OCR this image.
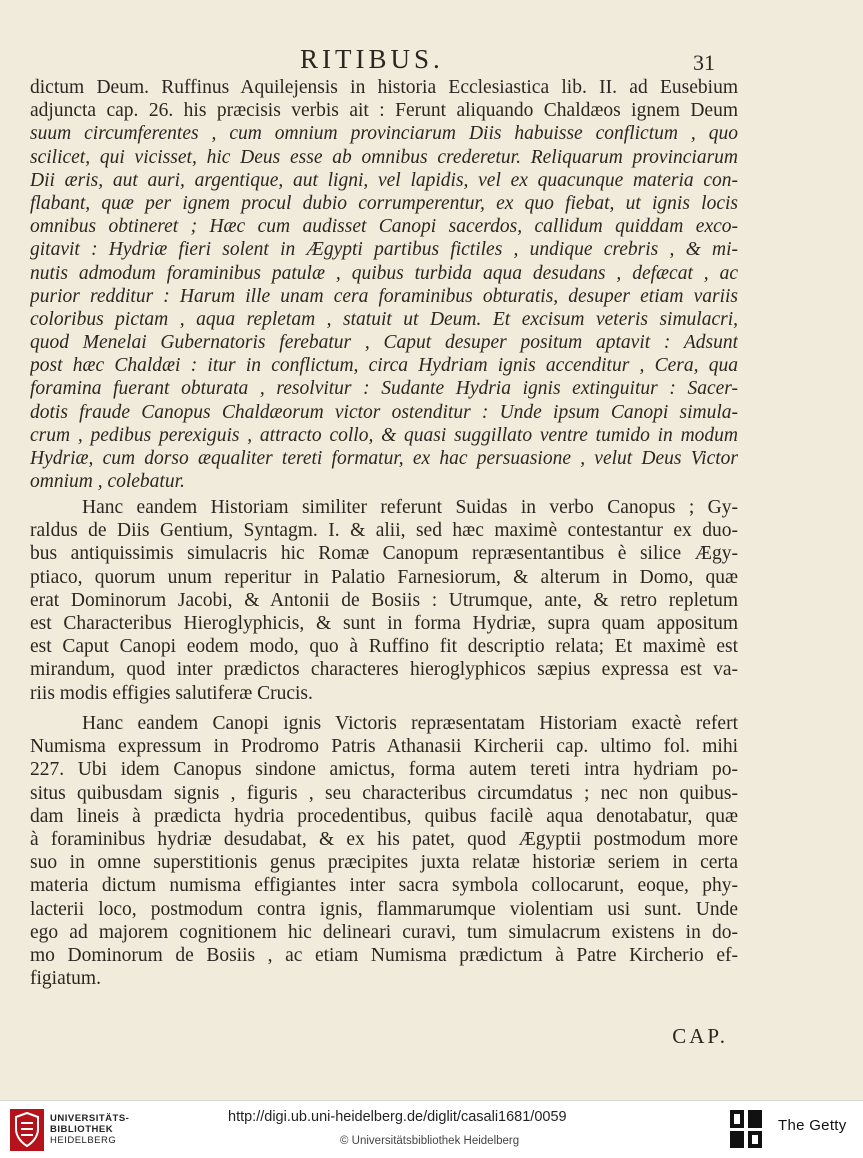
RITIBUS.	31
dictum Deum. Ruffinus Aquilejensis in historia Ecclesiastica lib. II. ad Eusebium
adjuncta cap. 26. his præcisis verbis ait : Ferunt aliquando Chaldæos ignem Deum
suum circumferentes , cum omnium provinciarum Diis habuisse conflictum , quo
scilicet, qui vicisset, hic Deus esse ab omnibus crederetur. Reliquarum provinciarum
Dii æris, aut auri, argentique, aut ligni, vel lapidis, vel ex quacunque materia con-
flabant, quæ per ignem procul dubio corrumperentur, ex quo fiebat, ut ignis locis
omnibus obtineret ; Hæc cum audisset Canopi sacerdos, callidum quiddam exco-
gitavit : Hydriæ fieri solent in Ægypti partibus fictiles , undique crebris , & mi-
nutis admodum foraminibus patulæ , quibus turbida aqua desudans , defæcat , ac
purior redditur : Harum ille unam cera foraminibus obturatis, desuper etiam variis
coloribus pictam , aqua repletam , statuit ut Deum. Et excisum veteris simulacri,
quod Menelai Gubernatoris ferebatur , Caput desuper positum aptavit : Adsunt
post hæc Chaldæi : itur in conflictum, circa Hydriam ignis accenditur , Cera, qua
foramina fuerant obturata , resolvitur : Sudante Hydria ignis extinguitur : Sacer-
dotis fraude Canopus Chaldæorum victor ostenditur : Unde ipsum Canopi simula-
crum , pedibus perexiguis , attracto collo, & quasi suggillato ventre tumido in modum
Hydriæ, cum dorso æqualiter tereti formatur, ex hac persuasione , velut Deus Victor
omnium , colebatur.
Hanc eandem Historiam similiter referunt Suidas in verbo Canopus ; Gy-
raldus de Diis Gentium, Syntagm. I. & alii, sed hæc maximè contestantur ex duo-
bus antiquissimis simulacris hic Romæ Canopum repræsentantibus è silice Ægy-
ptiaco, quorum unum reperitur in Palatio Farnesiorum, & alterum in Domo, quæ
erat Dominorum Jacobi, & Antonii de Bosiis : Utrumque, ante, & retro repletum
est Characteribus Hieroglyphicis, & sunt in forma Hydriæ, supra quam appositum
est Caput Canopi eodem modo, quo à Ruffino fit descriptio relata; Et maximè est
mirandum, quod inter prædictos characteres hieroglyphicos sæpius expressa est va-
riis modis effigies salutiferæ Crucis.
Hanc eandem Canopi ignis Victoris repræsentatam Historiam exactè refert
Numisma expressum in Prodromo Patris Athanasii Kircherii cap. ultimo fol. mihi
227. Ubi idem Canopus sindone amictus, forma autem tereti intra hydriam po-
situs quibusdam signis , figuris , seu characteribus circumdatus ; nec non quibus-
dam lineis à prædicta hydria procedentibus, quibus facilè aqua denotabatur, quæ
à foraminibus hydriæ desudabat, & ex his patet, quod Ægyptii postmodum more
suo in omne superstitionis genus præcipites juxta relatæ historiæ seriem in certa
materia dictum numisma effigiantes inter sacra symbola collocarunt, eoque, phy-
lacterii loco, postmodum contra ignis, flammarumque violentiam usi sunt. Unde
ego ad majorem cognitionem hic delineari curavi, tum simulacrum existens in do-
mo Dominorum de Bosiis , ac etiam Numisma prædictum à Patre Kircherio ef-
figiatum.
CAP.
UNIVERSITÄTS-
BIBLIOTHEK
HEIDELBERG
http://digi.ub.uni-heidelberg.de/diglit/casali1681/0059
© Universitätsbibliothek Heidelberg
The Getty
